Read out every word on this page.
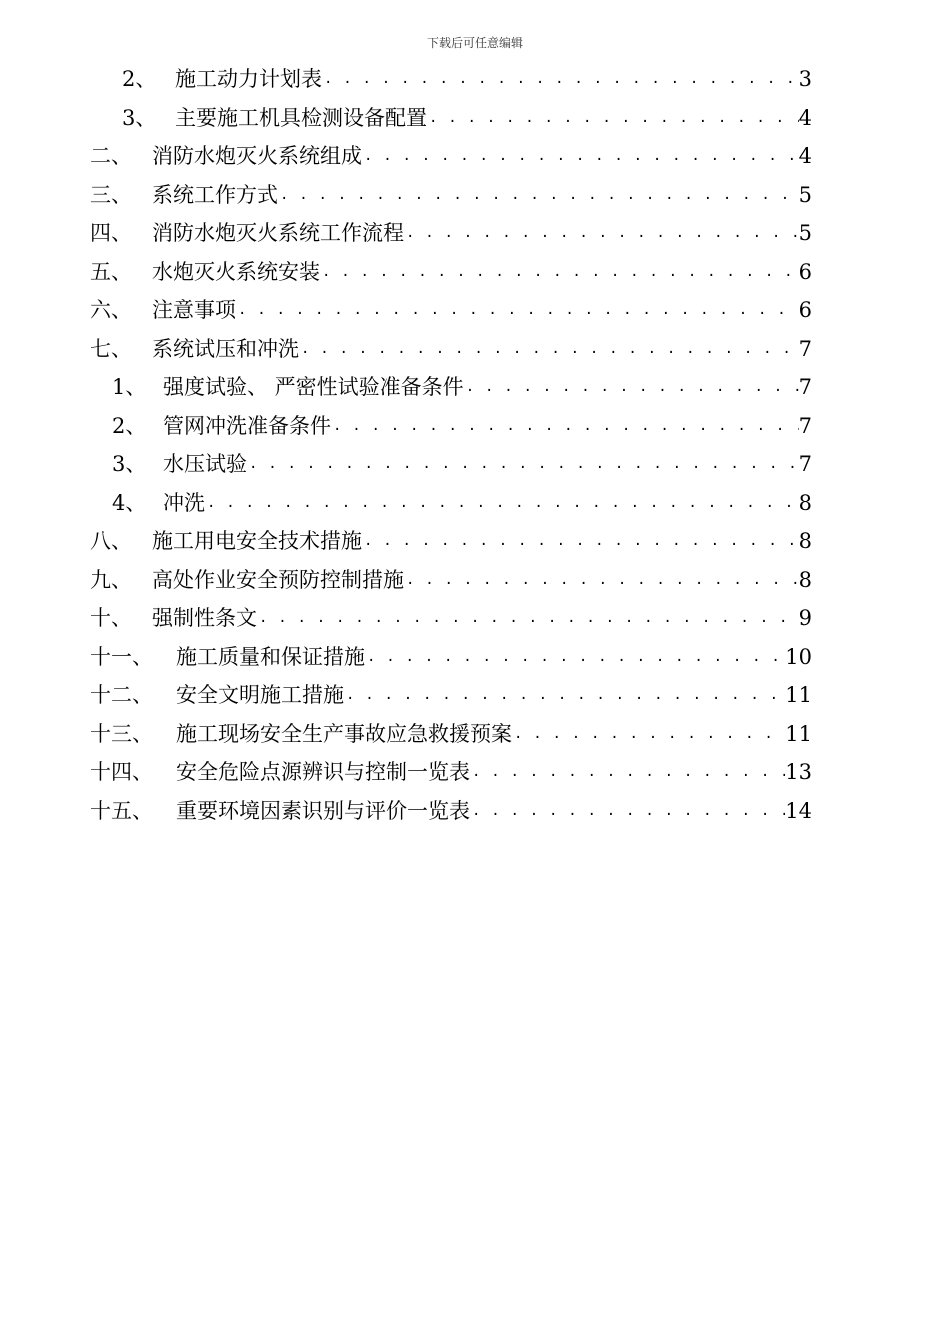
下载后可任意编辑
2、 施工动力计划表 . . .	3
3、 主要施工机具检测设备配置 . . .	4
二、 消防水炮灭火系统组成 . . .	4
三、 系统工作方式 . . .	5
四、 消防水炮灭火系统工作流程 . . .	5
五、 水炮灭火系统安装 . . .	6
六、 注意事项 . . .	6
七、 系统试压和冲洗 . . .	7
1、 强度试验、 严密性试验准备条件 . . .	7
2、 管网冲洗准备条件 . . .	7
3、 水压试验 . . .	7
4、 冲洗 . . .	8
八、 施工用电安全技术措施 . . .	8
九、 高处作业安全预防控制措施 . . .	8
十、 强制性条文 . . .	9
十一、	施工质量和保证措施 . . .	10
十二、	安全文明施工措施 . . .	11
十三、	施工现场安全生产事故应急救援预案 . . .	11
十四、	安全危险点源辨识与控制一览表 . . .	13
十五、	重要环境因素识别与评价一览表 . . .	14
